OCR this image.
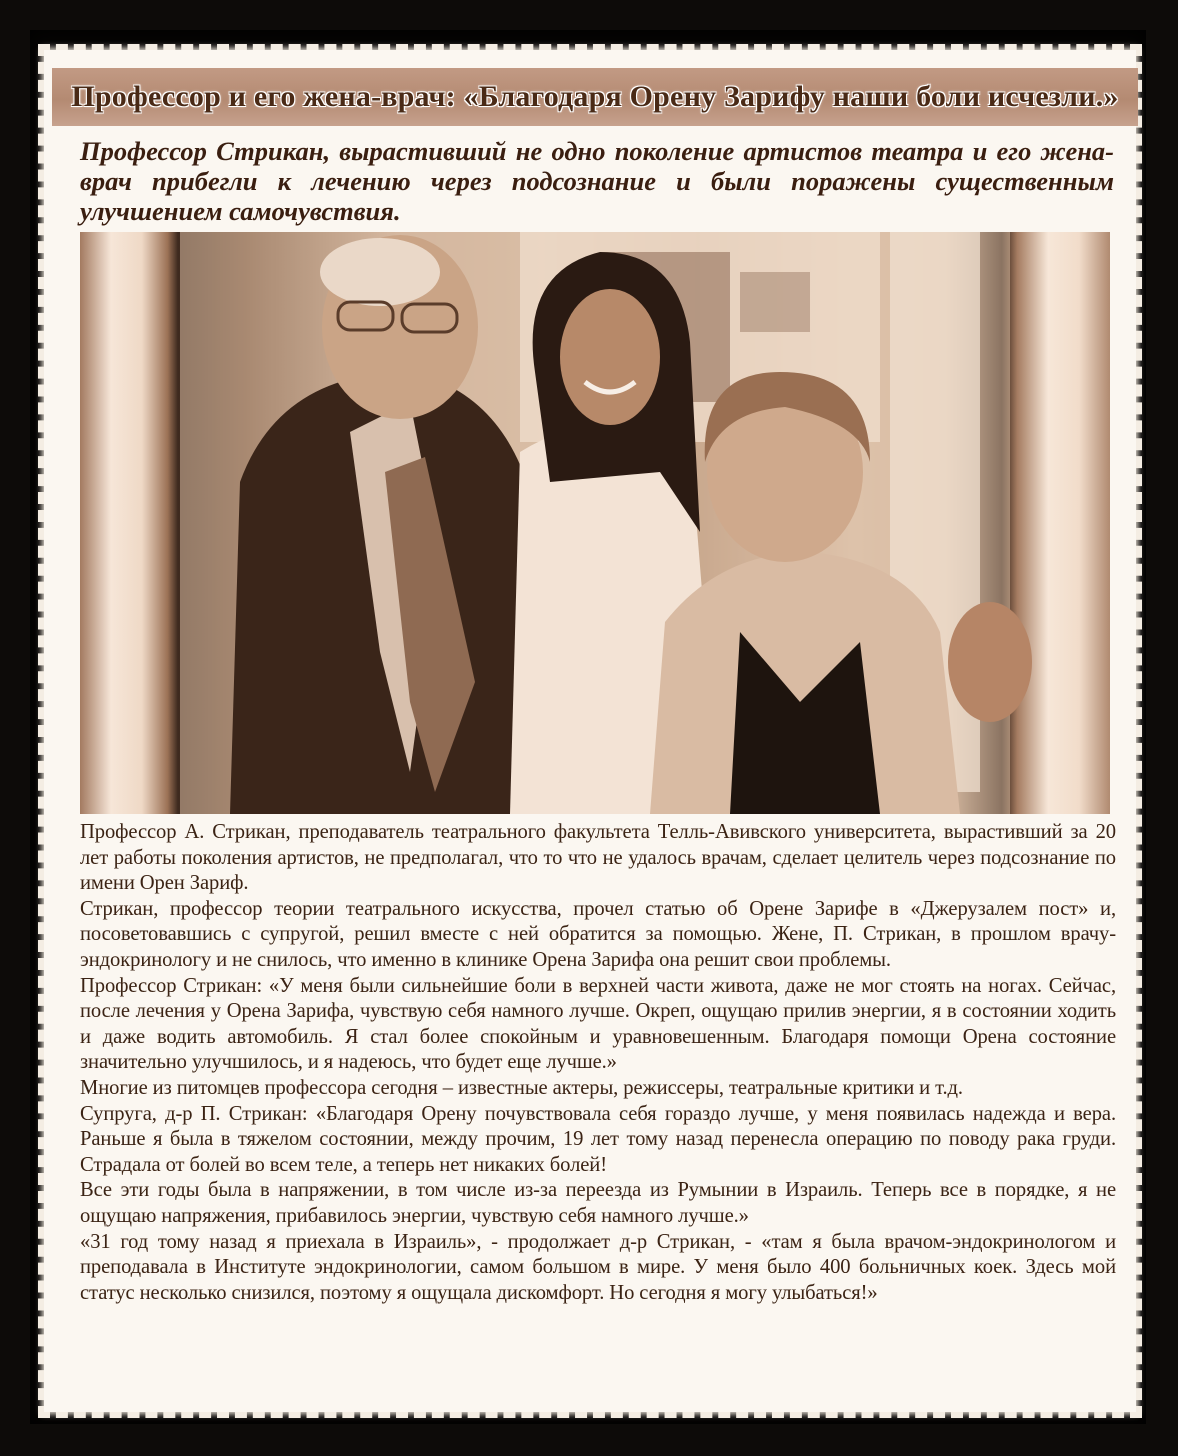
Профессор и его жена-врач: «Благодаря Орену Зарифу наши боли исчезли.»
Профессор Стрикан, вырастивший не одно поколение артистов театра и его жена-врач прибегли к лечению через подсознание и были поражены существенным улучшением самочувствия.

Профессор А. Стрикан, преподаватель театрального факультета Телль-Авивского университета, вырастивший за 20 лет работы поколения артистов, не предполагал, что то что не удалось врачам, сделает целитель через подсознание по имени Орен Зариф.

Стрикан, профессор теории театрального искусства, прочел статью об Орене Зарифе в «Джерузалем пост» и, посоветовавшись с супругой, решил вместе с ней обратится за помощью. Жене, П. Стрикан, в прошлом врачу-эндокринологу и не снилось, что именно в клинике Орена Зарифа она решит свои проблемы.

Профессор Стрикан: «У меня были сильнейшие боли в верхней части живота, даже не мог стоять на ногах. Сейчас, после лечения у Орена Зарифа, чувствую себя намного лучше. Окреп, ощущаю прилив энергии, я в состоянии ходить и даже водить автомобиль. Я стал более спокойным и уравновешенным. Благодаря помощи Орена состояние значительно улучшилось, и я надеюсь, что будет еще лучше.»

Многие из питомцев профессора сегодня – известные актеры, режиссеры, театральные критики и т.д.

Супруга, д-р П. Стрикан: «Благодаря Орену почувствовала себя гораздо лучше, у меня появилась надежда и вера. Раньше я была в тяжелом состоянии, между прочим, 19 лет тому назад перенесла операцию по поводу рака груди. Страдала от болей во всем теле, а теперь нет никаких болей!

Все эти годы была в напряжении, в том числе из-за переезда из Румынии в Израиль. Теперь все в порядке, я не ощущаю напряжения, прибавилось энергии, чувствую себя намного лучше.»

«31 год тому назад я приехала в Израиль», - продолжает д-р Стрикан, - «там я была врачом-эндокринологом и преподавала в Институте эндокринологии, самом большом в мире. У меня было 400 больничных коек. Здесь мой статус несколько снизился, поэтому я ощущала дискомфорт. Но сегодня я могу улыбаться!»
